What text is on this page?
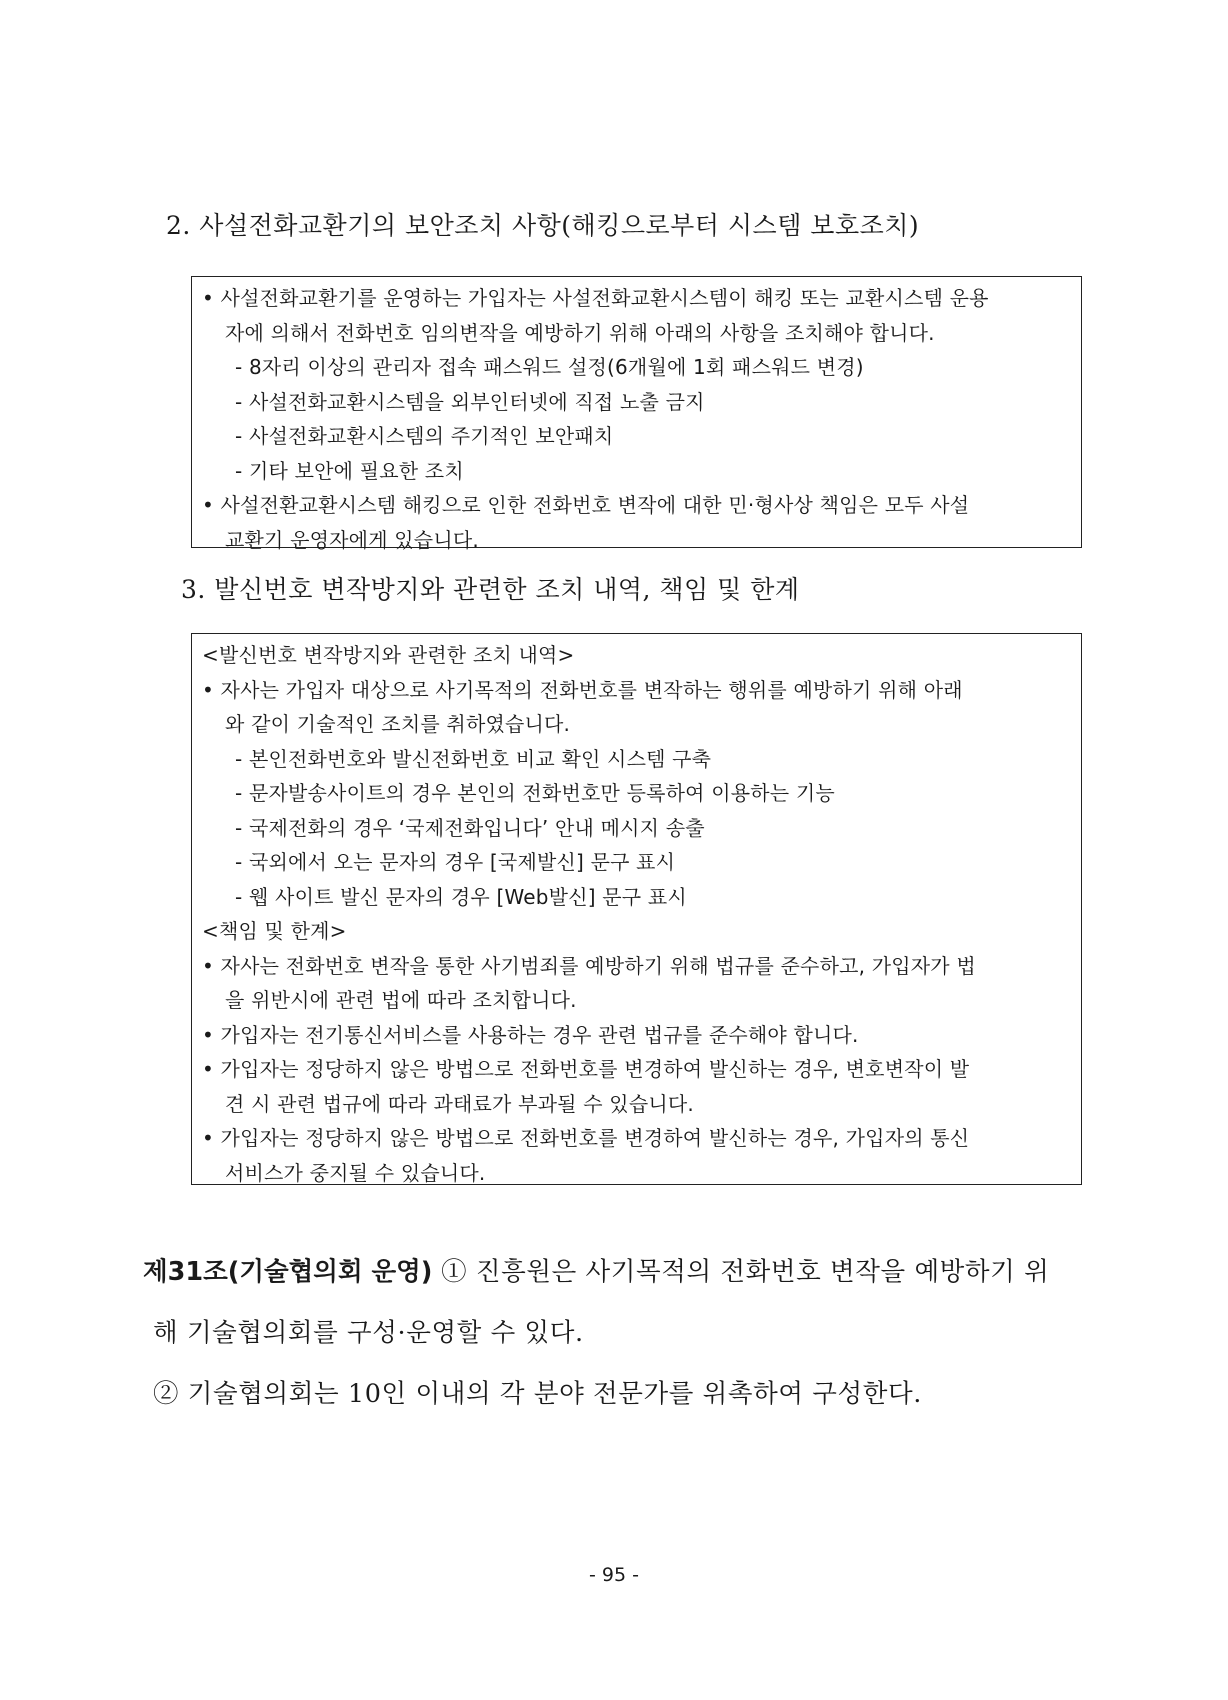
2. 사설전화교환기의 보안조치 사항(해킹으로부터 시스템 보호조치)
• 사설전화교환기를 운영하는 가입자는 사설전화교환시스템이 해킹 또는 교환시스템 운용
자에 의해서 전화번호 임의변작을 예방하기 위해 아래의 사항을 조치해야 합니다.
- 8자리 이상의 관리자 접속 패스워드 설정(6개월에 1회 패스워드 변경)
- 사설전화교환시스템을 외부인터넷에 직접 노출 금지
- 사설전화교환시스템의 주기적인 보안패치
- 기타 보안에 필요한 조치
• 사설전환교환시스템 해킹으로 인한 전화번호 변작에 대한 민·형사상 책임은 모두 사설
교환기 운영자에게 있습니다.
3. 발신번호 변작방지와 관련한 조치 내역, 책임 및 한계
<발신번호 변작방지와 관련한 조치 내역>
• 자사는 가입자 대상으로 사기목적의 전화번호를 변작하는 행위를 예방하기 위해 아래
와 같이 기술적인 조치를 취하였습니다.
- 본인전화번호와 발신전화번호 비교 확인 시스템 구축
- 문자발송사이트의 경우 본인의 전화번호만 등록하여 이용하는 기능
- 국제전화의 경우 ‘국제전화입니다’ 안내 메시지 송출
- 국외에서 오는 문자의 경우 [국제발신] 문구 표시
- 웹 사이트 발신 문자의 경우 [Web발신] 문구 표시
<책임 및 한계>
• 자사는 전화번호 변작을 통한 사기범죄를 예방하기 위해 법규를 준수하고, 가입자가 법
을 위반시에 관련 법에 따라 조치합니다.
• 가입자는 전기통신서비스를 사용하는 경우 관련 법규를 준수해야 합니다.
• 가입자는 정당하지 않은 방법으로 전화번호를 변경하여 발신하는 경우, 변호변작이 발
견 시 관련 법규에 따라 과태료가 부과될 수 있습니다.
• 가입자는 정당하지 않은 방법으로 전화번호를 변경하여 발신하는 경우, 가입자의 통신
서비스가 중지될 수 있습니다.
제31조(기술협의회 운영) ① 진흥원은 사기목적의 전화번호 변작을 예방하기 위
해 기술협의회를 구성·운영할 수 있다.
② 기술협의회는 10인 이내의 각 분야 전문가를 위촉하여 구성한다.
- 95 -
